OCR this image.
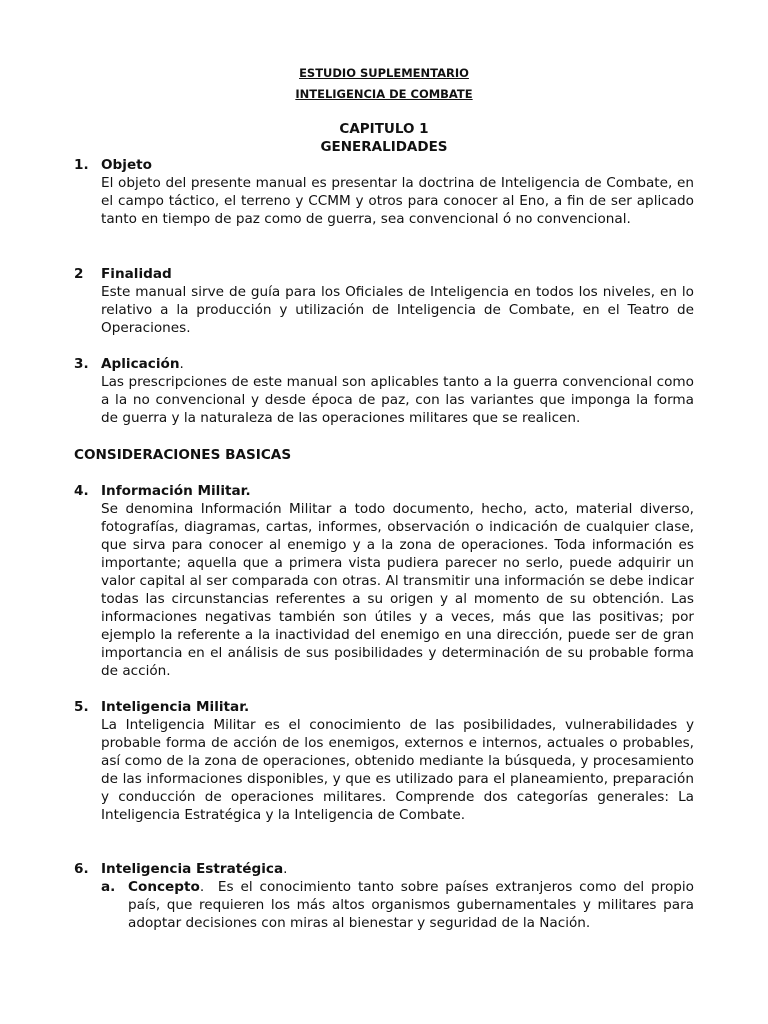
ESTUDIO SUPLEMENTARIO
INTELIGENCIA DE COMBATE
CAPITULO 1
GENERALIDADES
1. Objeto
El objeto del presente manual es presentar la doctrina de Inteligencia de Combate, en el campo táctico, el terreno y CCMM y otros para conocer al Eno, a fin de ser aplicado tanto en tiempo de paz como de guerra, sea convencional ó no convencional.
2 Finalidad
Este manual sirve de guía para los Oficiales de Inteligencia en todos los niveles, en lo relativo a la producción y utilización de Inteligencia de Combate, en el Teatro de Operaciones.
3. Aplicación.
Las prescripciones de este manual son aplicables tanto a la guerra convencional como a la no convencional y desde época de paz, con las variantes que imponga la forma de guerra y la naturaleza de las operaciones militares que se realicen.
CONSIDERACIONES BASICAS
4. Información Militar.
Se denomina Información Militar a todo documento, hecho, acto, material diverso, fotografías, diagramas, cartas, informes, observación o indicación de cualquier clase, que sirva para conocer al enemigo y a la zona de operaciones. Toda información es importante; aquella que a primera vista pudiera parecer no serlo, puede adquirir un valor capital al ser comparada con otras. Al transmitir una información se debe indicar todas las circunstancias referentes a su origen y al momento de su obtención. Las informaciones negativas también son útiles y a veces, más que las positivas; por ejemplo la referente a la inactividad del enemigo en una dirección, puede ser de gran importancia en el análisis de sus posibilidades y determinación de su probable forma de acción.
5. Inteligencia Militar.
La Inteligencia Militar es el conocimiento de las posibilidades, vulnerabilidades y probable forma de acción de los enemigos, externos e internos, actuales o probables, así como de la zona de operaciones, obtenido mediante la búsqueda, y procesamiento de las informaciones disponibles, y que es utilizado para el planeamiento, preparación y conducción de operaciones militares. Comprende dos categorías generales: La Inteligencia Estratégica y la Inteligencia de Combate.
6. Inteligencia Estratégica.
a. Concepto. Es el conocimiento tanto sobre países extranjeros como del propio país, que requieren los más altos organismos gubernamentales y militares para adoptar decisiones con miras al bienestar y seguridad de la Nación.
